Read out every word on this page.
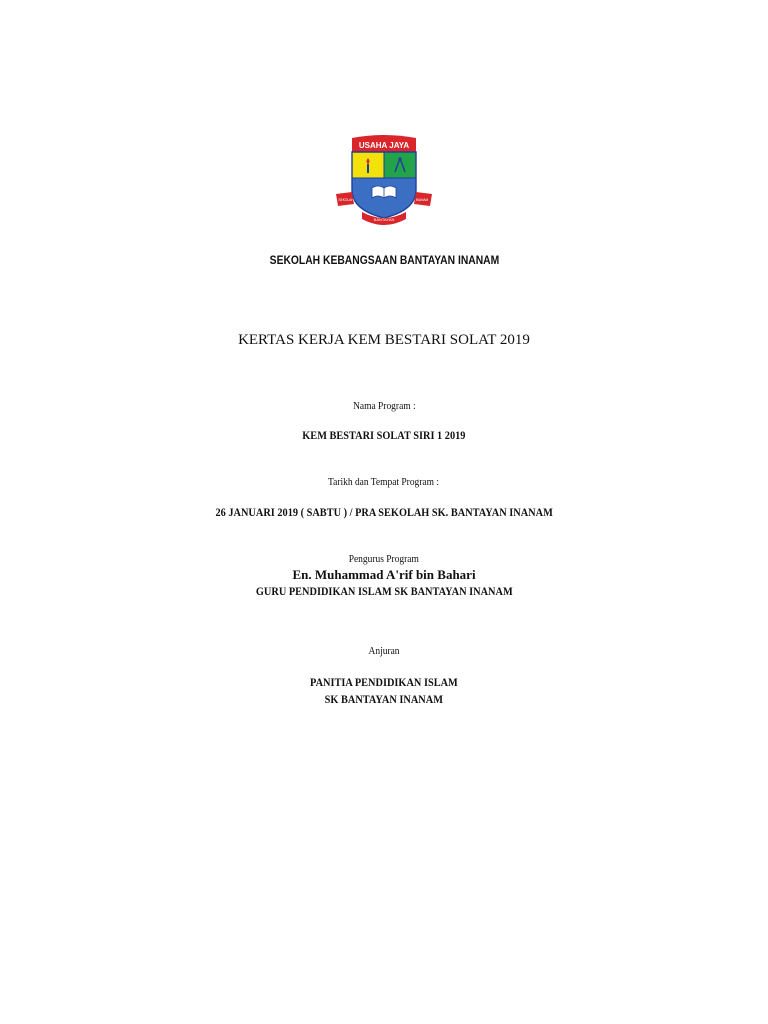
USAHA JAYA
SEKOLAH	INANAM
BANTAYAN
SEKOLAH KEBANGSAAN BANTAYAN INANAM
KERTAS KERJA KEM BESTARI SOLAT 2019
Nama Program :
KEM BESTARI SOLAT SIRI 1 2019
Tarikh dan Tempat Program :
26 JANUARI 2019 ( SABTU ) / PRA SEKOLAH SK. BANTAYAN INANAM
Pengurus Program
En. Muhammad A'rif bin Bahari
GURU PENDIDIKAN ISLAM SK BANTAYAN INANAM
Anjuran
PANITIA PENDIDIKAN ISLAM
SK BANTAYAN INANAM
